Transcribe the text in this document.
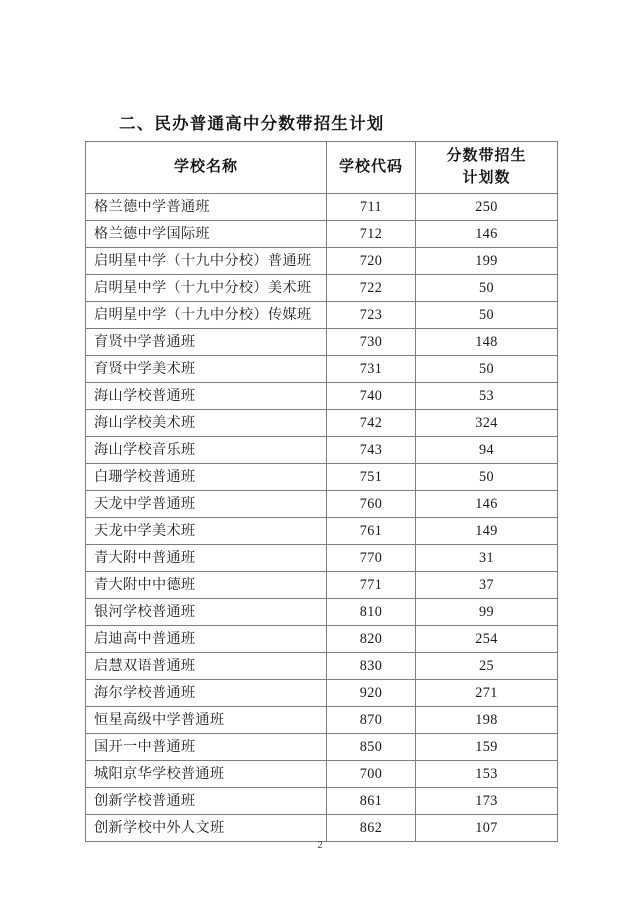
二、民办普通高中分数带招生计划
学校名称	学校代码	分数带招生
计划数

格兰德中学普通班	711	250
格兰德中学国际班	712	146
启明星中学（十九中分校）普通班	720	199
启明星中学（十九中分校）美术班	722	50
启明星中学（十九中分校）传媒班	723	50
育贤中学普通班	730	148
育贤中学美术班	731	50
海山学校普通班	740	53
海山学校美术班	742	324
海山学校音乐班	743	94
白珊学校普通班	751	50
天龙中学普通班	760	146
天龙中学美术班	761	149
青大附中普通班	770	31
青大附中中德班	771	37
银河学校普通班	810	99
启迪高中普通班	820	254
启慧双语普通班	830	25
海尔学校普通班	920	271
恒星高级中学普通班	870	198
国开一中普通班	850	159
城阳京华学校普通班	700	153
创新学校普通班	861	173
创新学校中外人文班	862	107
2
